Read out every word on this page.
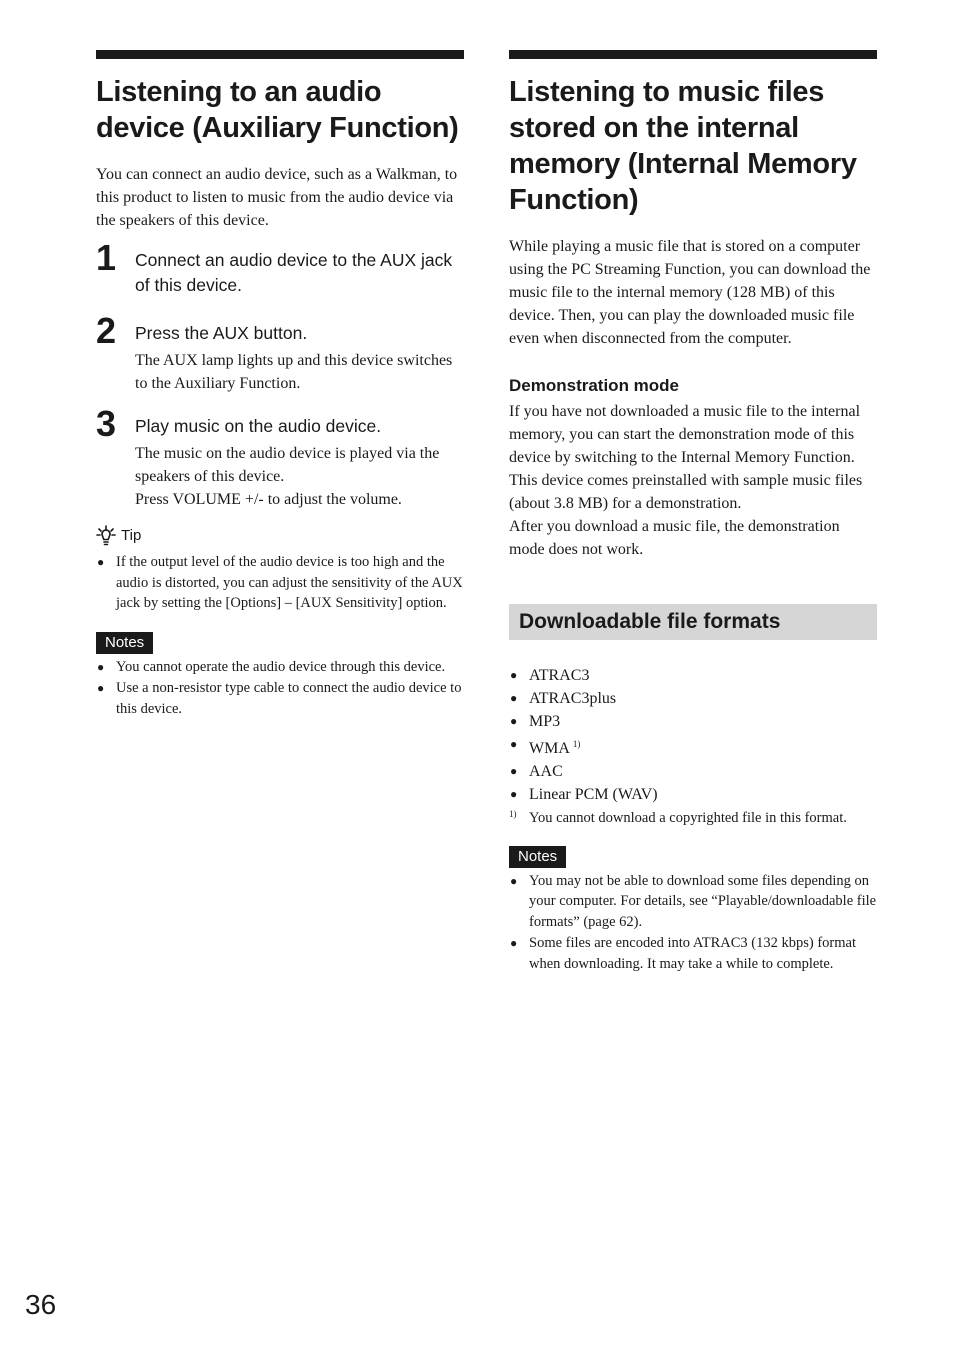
Listening to an audio device (Auxiliary Function)
You can connect an audio device, such as a Walkman, to this product to listen to music from the audio device via the speakers of this device.
1 Connect an audio device to the AUX jack of this device.
2 Press the AUX button.
The AUX lamp lights up and this device switches to the Auxiliary Function.
3 Play music on the audio device.
The music on the audio device is played via the speakers of this device.
Press VOLUME +/- to adjust the volume.
Tip
● If the output level of the audio device is too high and the audio is distorted, you can adjust the sensitivity of the AUX jack by setting the [Options] – [AUX Sensitivity] option.
Notes
● You cannot operate the audio device through this device.
● Use a non-resistor type cable to connect the audio device to this device.
Listening to music files stored on the internal memory (Internal Memory Function)
While playing a music file that is stored on a computer using the PC Streaming Function, you can download the music file to the internal memory (128 MB) of this device. Then, you can play the downloaded music file even when disconnected from the computer.
Demonstration mode
If you have not downloaded a music file to the internal memory, you can start the demonstration mode of this device by switching to the Internal Memory Function.
This device comes preinstalled with sample music files (about 3.8 MB) for a demonstration.
After you download a music file, the demonstration mode does not work.
Downloadable file formats
● ATRAC3
● ATRAC3plus
● MP3
● WMA $^{1)}$
● AAC
● Linear PCM (WAV)
1) You cannot download a copyrighted file in this format.
Notes
● You may not be able to download some files depending on your computer. For details, see “Playable/downloadable file formats” (page 62).
● Some files are encoded into ATRAC3 (132 kbps) format when downloading. It may take a while to complete.
36
